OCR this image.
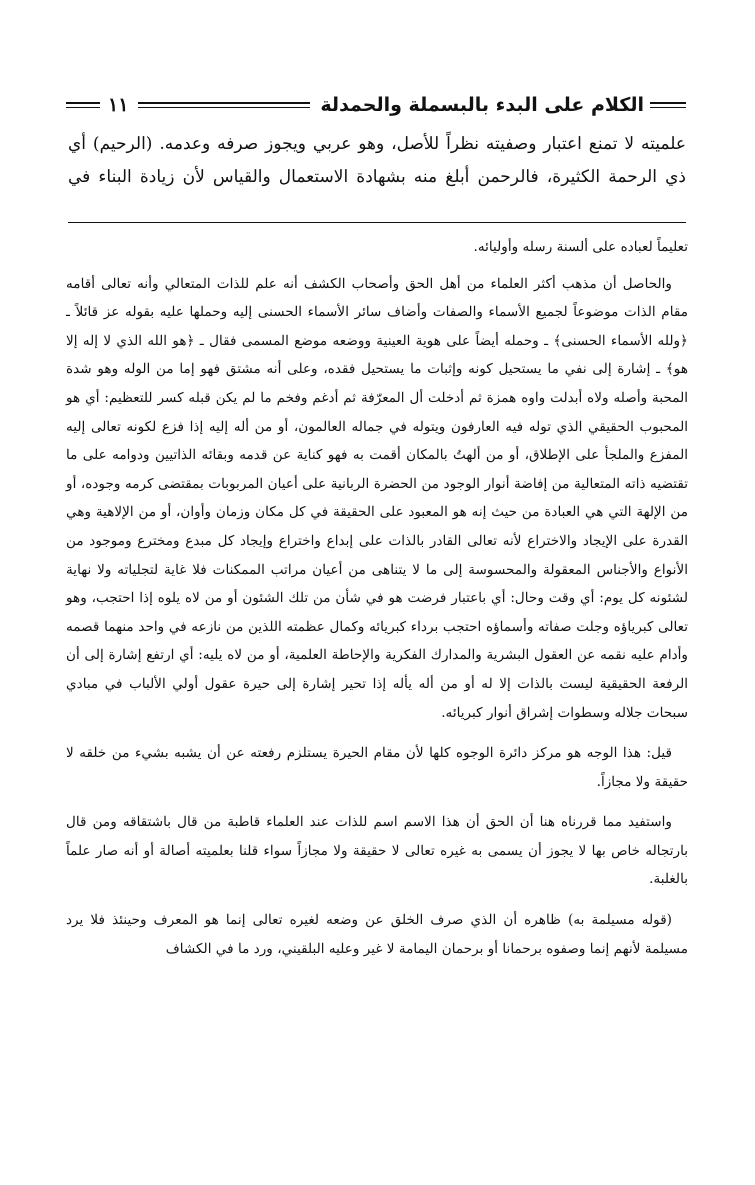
الكلام على البدء بالبسملة والحمدلة
١١

علميته لا تمنع اعتبار وصفيته نظراً للأصل، وهو عربي ويجوز صرفه وعدمه. (الرحيم) أي ذي الرحمة الكثيرة، فالرحمن أبلغ منه بشهادة الاستعمال والقياس لأن زيادة البناء في

تعليماً لعباده على ألسنة رسله وأوليائه.

والحاصل أن مذهب أكثر العلماء من أهل الحق وأصحاب الكشف أنه علم للذات المتعالي وأنه تعالى أقامه مقام الذات موضوعاً لجميع الأسماء والصفات وأضاف سائر الأسماء الحسنى إليه وحملها عليه بقوله عز قائلاً ـ ﴿ولله الأسماء الحسنى﴾ ـ وحمله أيضاً على هوية العينية ووضعه موضع المسمى فقال ـ ﴿هو الله الذي لا إله إلا هو﴾ ـ إشارة إلى نفي ما يستحيل كونه وإثبات ما يستحيل فقده، وعلى أنه مشتق فهو إما من الوله وهو شدة المحبة وأصله ولاه أبدلت واوه همزة ثم أدخلت أل المعرّفة ثم أدغم وفخم ما لم يكن قبله كسر للتعظيم: أي هو المحبوب الحقيقي الذي توله فيه العارفون ويتوله في جماله العالمون، أو من أله إليه إذا فزع لكونه تعالى إليه المفزع والملجأ على الإطلاق، أو من ألهتُ بالمكان أقمت به فهو كناية عن قدمه وبقائه الذاتيين ودوامه على ما تقتضيه ذاته المتعالية من إفاضة أنوار الوجود من الحضرة الربانية على أعيان المربوبات بمقتضى كرمه وجوده، أو من الإلهة التي هي العبادة من حيث إنه هو المعبود على الحقيقة في كل مكان وزمان وأوان، أو من الإلاهية وهي القدرة على الإيجاد والاختراع لأنه تعالى القادر بالذات على إبداع واختراع وإيجاد كل مبدع ومخترع وموجود من الأنواع والأجناس المعقولة والمحسوسة إلى ما لا يتناهى من أعيان مراتب الممكنات فلا غاية لتجلياته ولا نهاية لشئونه كل يوم: أي وقت وحال: أي باعتبار فرضت هو في شأن من تلك الشئون أو من لاه يلوه إذا احتجب، وهو تعالى كبرياؤه وجلت صفاته وأسماؤه احتجب برداء كبريائه وكمال عظمته اللذين من نازعه في واحد منهما قصمه وأدام عليه نقمه عن العقول البشرية والمدارك الفكرية والإحاطة العلمية، أو من لاه يليه: أي ارتفع إشارة إلى أن الرفعة الحقيقية ليست بالذات إلا له أو من أله يأله إذا تحير إشارة إلى حيرة عقول أولي الألباب في مبادي سبحات جلاله وسطوات إشراق أنوار كبريائه.

قيل: هذا الوجه هو مركز دائرة الوجوه كلها لأن مقام الحيرة يستلزم رفعته عن أن يشبه بشيء من خلقه لا حقيقة ولا مجازاً.

واستفيد مما قررناه هنا أن الحق أن هذا الاسم اسم للذات عند العلماء قاطبة من قال باشتقاقه ومن قال بارتجاله خاص بها لا يجوز أن يسمى به غيره تعالى لا حقيقة ولا مجازاً سواء قلنا بعلميته أصالة أو أنه صار علماً بالغلبة.

(قوله مسيلمة به) ظاهره أن الذي صرف الخلق عن وضعه لغيره تعالى إنما هو المعرف وحينئذ فلا يرد مسيلمة لأنهم إنما وصفوه برحمانا أو برحمان اليمامة لا غير وعليه البلقيني، ورد ما في الكشاف
